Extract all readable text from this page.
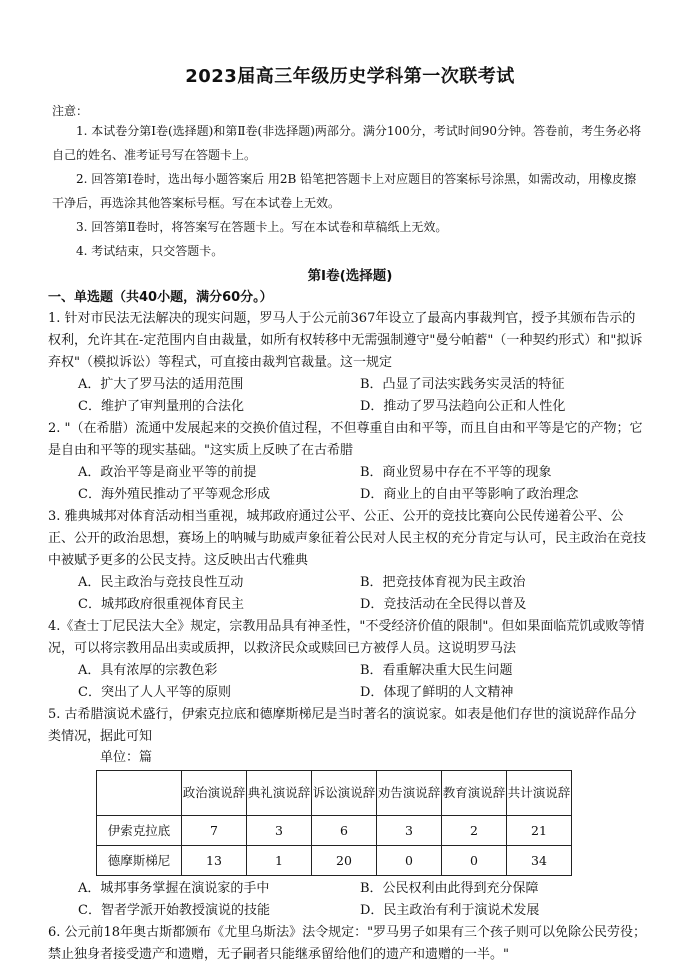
2023届高三年级历史学科第一次联考试
注意：

1. 本试卷分第Ⅰ卷(选择题)和第Ⅱ卷(非选择题)两部分。满分100分，考试时间90分钟。答卷前，考生务必将自己的姓名、准考证号写在答题卡上。

2. 回答第Ⅰ卷时，选出每小题答案后 用2B 铅笔把答题卡上对应题目的答案标号涂黑，如需改动，用橡皮擦干净后，再选涂其他答案标号框。写在本试卷上无效。

3. 回答第Ⅱ卷时，将答案写在答题卡上。写在本试卷和草稿纸上无效。

4. 考试结束，只交答题卡。

第Ⅰ卷(选择题)
一、单选题（共40小题，满分60分。）

1. 针对市民法无法解决的现实问题，罗马人于公元前367年设立了最高内事裁判官，授予其颁布告示的权利，允许其在-定范围内自由裁量，如所有权转移中无需强制遵守"曼兮帕蓄"（一种契约形式）和"拟诉弃权"（模拟诉讼）等程式，可直接由裁判官裁量。这一规定

A．扩大了罗马法的适用范围	B．凸显了司法实践务实灵活的特征
C．维护了审判量刑的合法化	D．推动了罗马法趋向公正和人性化

2. "（在希腊）流通中发展起来的交换价值过程，不但尊重自由和平等，而且自由和平等是它的产物；它是自由和平等的现实基础。"这实质上反映了在古希腊

A．政治平等是商业平等的前提	B．商业贸易中存在不平等的现象
C．海外殖民推动了平等观念形成	D．商业上的自由平等影响了政治理念

3. 雅典城邦对体育活动相当重视，城邦政府通过公平、公正、公开的竞技比赛向公民传递着公平、公正、公开的政治思想，赛场上的呐喊与助威声象征着公民对人民主权的充分肯定与认可，民主政治在竞技中被赋予更多的公民支持。这反映出古代雅典

A．民主政治与竞技良性互动	B．把竞技体育视为民主政治
C．城邦政府很重视体育民主	D．竞技活动在全民得以普及

4.《查士丁尼民法大全》规定，宗教用品具有神圣性，"不受经济价值的限制"。但如果面临荒饥或败等情况，可以将宗教用品出卖或质押，以救济民众或赎回已方被俘人员。这说明罗马法

A．具有浓厚的宗教色彩	B．看重解决重大民生问题
C．突出了人人平等的原则	D．体现了鲜明的人文精神

5. 古希腊演说术盛行，伊索克拉底和德摩斯梯尼是当时著名的演说家。如表是他们存世的演说辞作品分类情况，据此可知

单位：篇
	政治演说辞	典礼演说辞	诉讼演说辞	劝告演说辞	教育演说辞	共计演说辞
伊索克拉底	7	3	6	3	2	21
德摩斯梯尼	13	1	20	0	0	34
A．城邦事务掌握在演说家的手中	B．公民权利由此得到充分保障
C．智者学派开始教授演说的技能	D．民主政治有利于演说术发展

6. 公元前18年奥古斯都颁布《尤里乌斯法》法令规定："罗马男子如果有三个孩子则可以免除公民劳役；禁止独身者接受遗产和遗赠，无子嗣者只能继承留给他们的遗产和遗赠的一半。"
